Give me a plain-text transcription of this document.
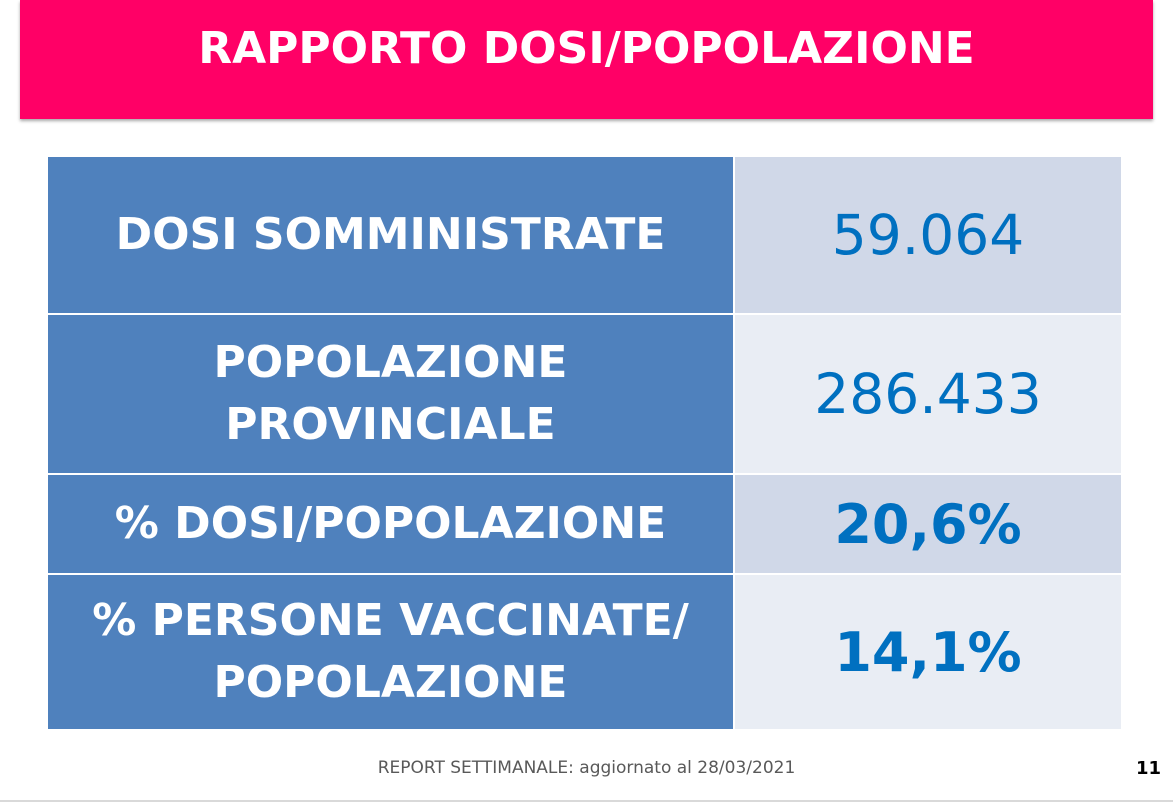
RAPPORTO DOSI/POPOLAZIONE
DOSI SOMMINISTRATE	59.064
POPOLAZIONE
PROVINCIALE	286.433
% DOSI/POPOLAZIONE	20,6%
% PERSONE VACCINATE/
POPOLAZIONE	14,1%
REPORT SETTIMANALE: aggiornato al 28/03/2021	11
